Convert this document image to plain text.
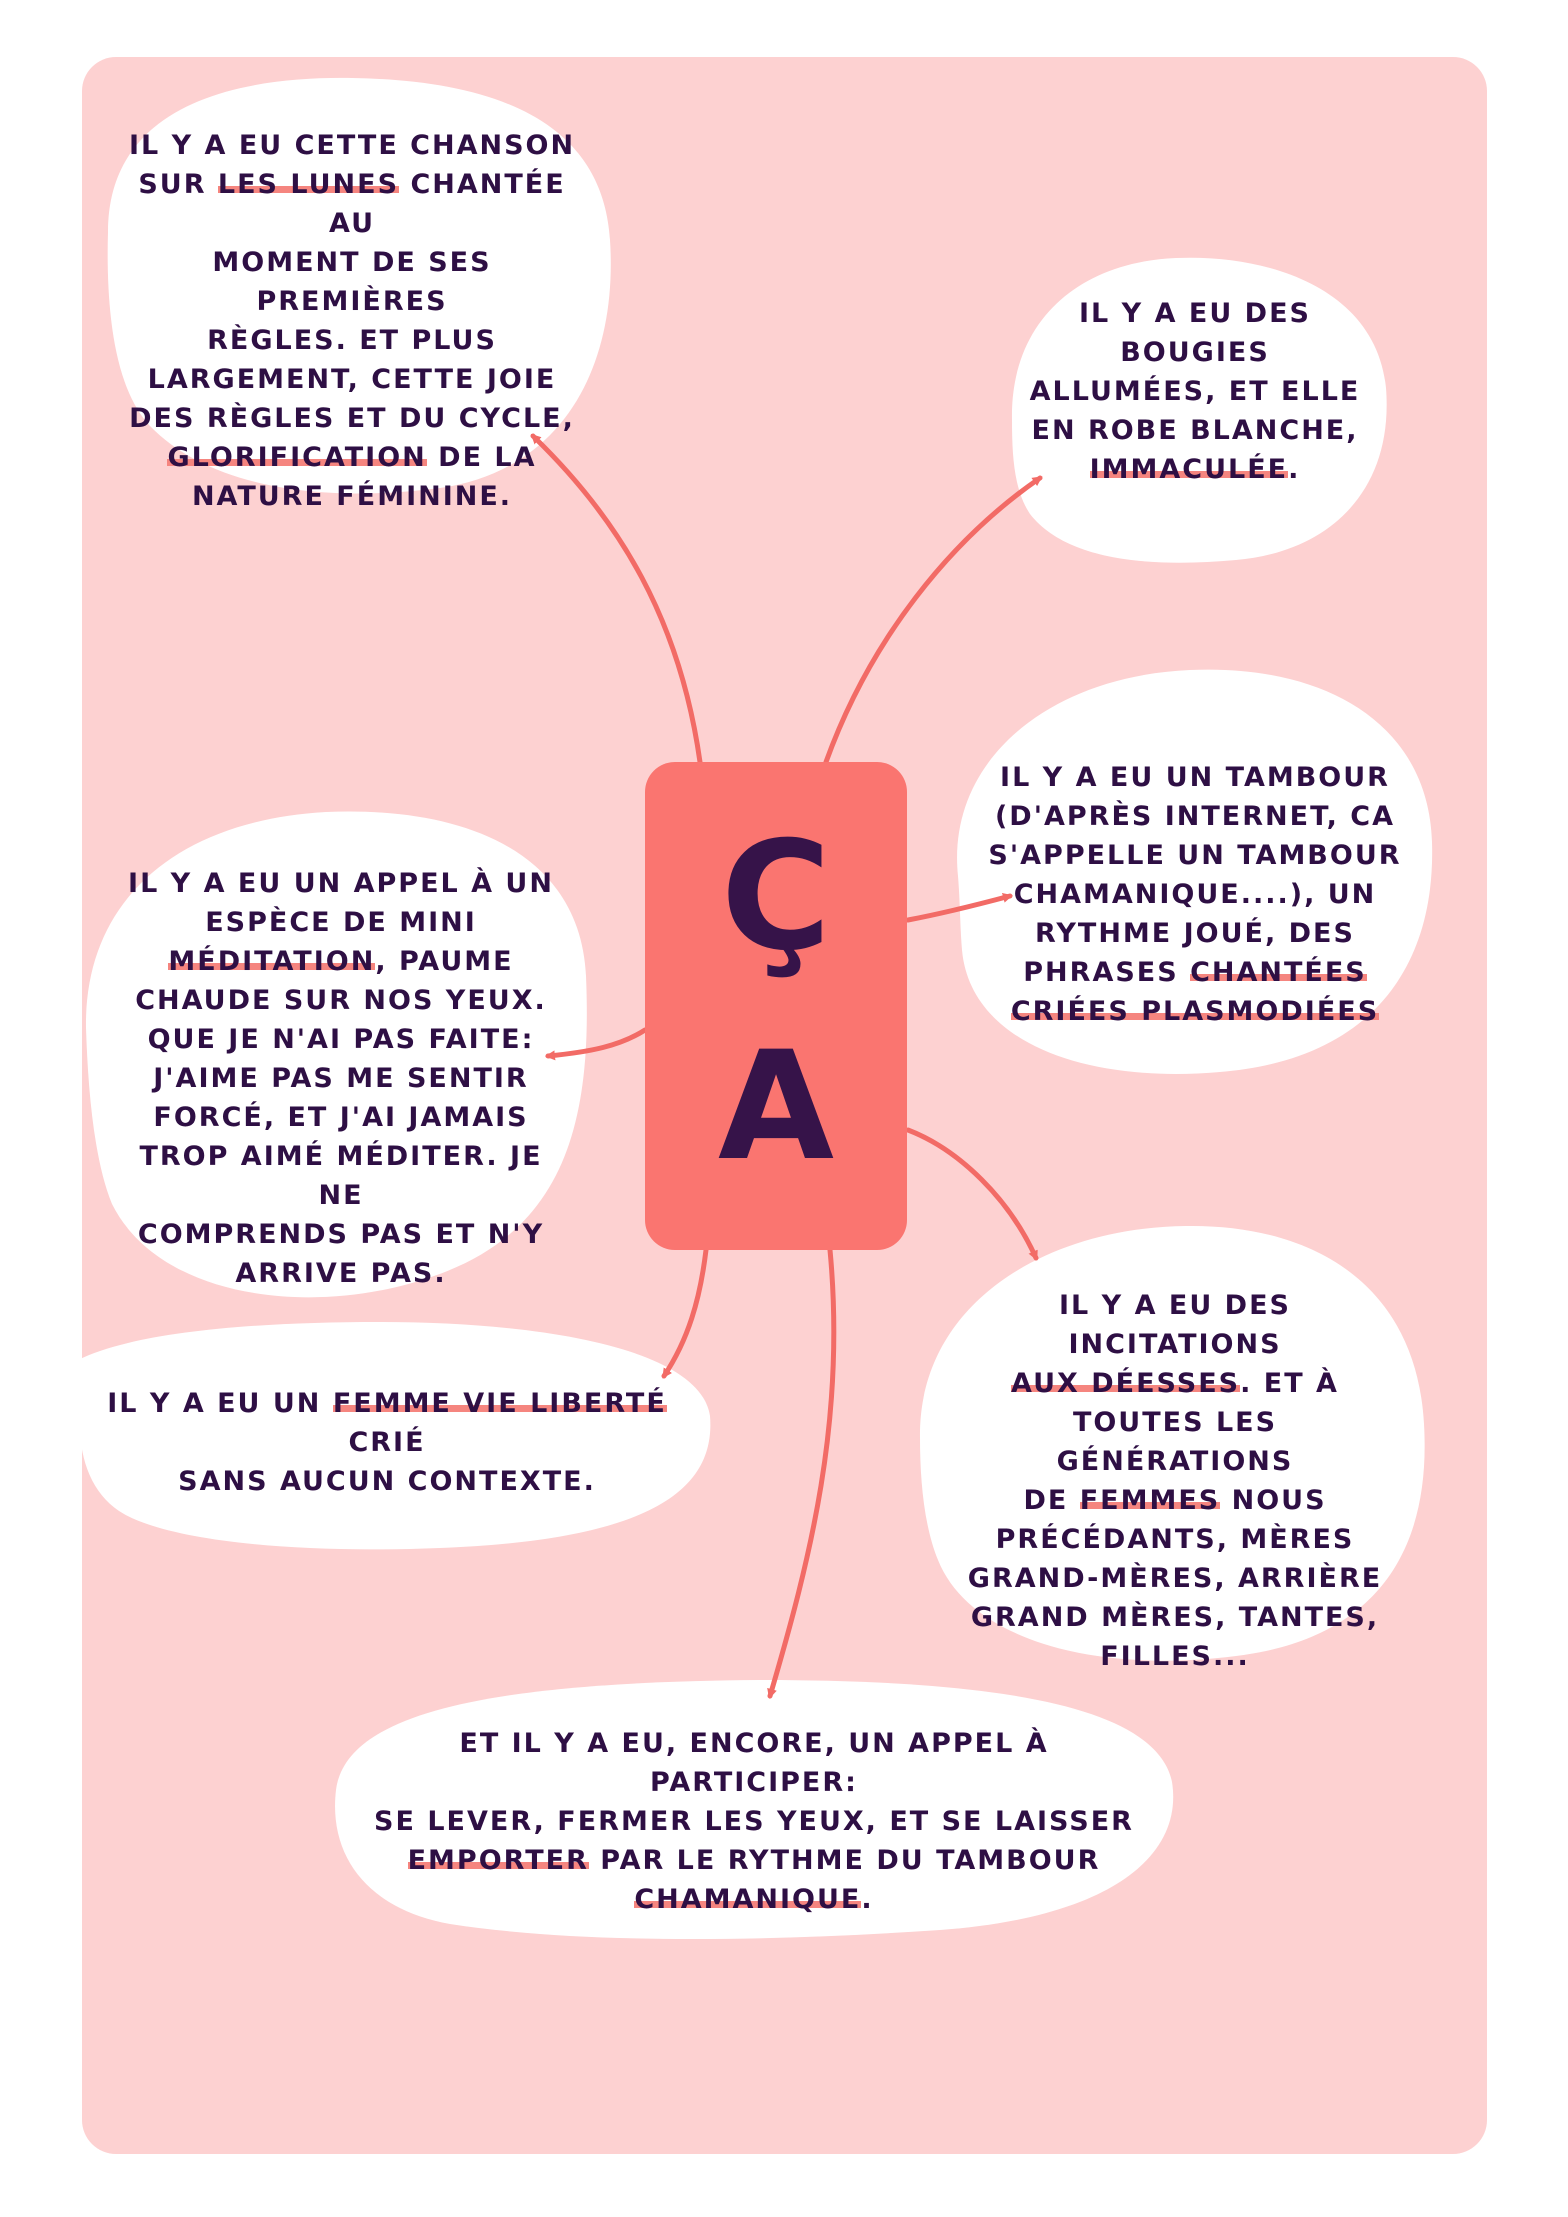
Ç
A
IL Y A EU CETTE CHANSON
SUR LES LUNES CHANTÉE AU
MOMENT DE SES PREMIÈRES
RÈGLES. ET PLUS
LARGEMENT, CETTE JOIE
DES RÈGLES ET DU CYCLE,
GLORIFICATION DE LA
NATURE FÉMININE.
IL Y A EU DES
BOUGIES
ALLUMÉES, ET ELLE
EN ROBE BLANCHE,
IMMACULÉE.
IL Y A EU UN TAMBOUR
(D'APRÈS INTERNET, CA
S'APPELLE UN TAMBOUR
CHAMANIQUE....), UN
RYTHME JOUÉ, DES
PHRASES CHANTÉES
CRIÉES PLASMODIÉES
IL Y A EU UN APPEL À UN
ESPÈCE DE MINI
MÉDITATION, PAUME
CHAUDE SUR NOS YEUX.
QUE JE N'AI PAS FAITE:
J'AIME PAS ME SENTIR
FORCÉ, ET J'AI JAMAIS
TROP AIMÉ MÉDITER. JE NE
COMPRENDS PAS ET N'Y
ARRIVE PAS.
IL Y A EU UN FEMME VIE LIBERTÉ CRIÉ
SANS AUCUN CONTEXTE.
IL Y A EU DES INCITATIONS
AUX DÉESSES. ET À
TOUTES LES GÉNÉRATIONS
DE FEMMES NOUS
PRÉCÉDANTS, MÈRES
GRAND-MÈRES, ARRIÈRE
GRAND MÈRES, TANTES,
FILLES...
ET IL Y A EU, ENCORE, UN APPEL À PARTICIPER:
SE LEVER, FERMER LES YEUX, ET SE LAISSER
EMPORTER PAR LE RYTHME DU TAMBOUR
CHAMANIQUE.
